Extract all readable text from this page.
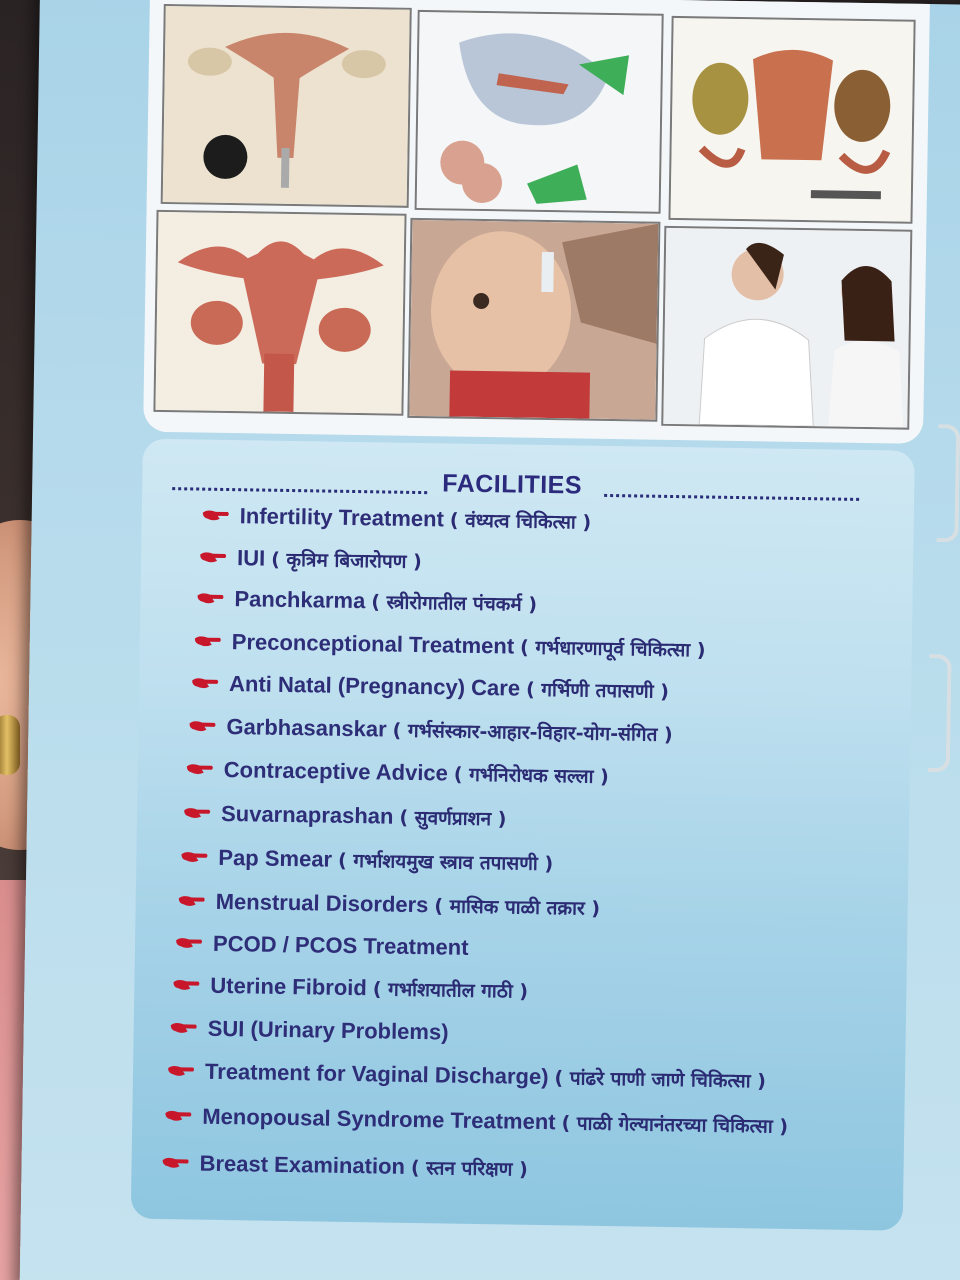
FACILITIES
Infertility Treatment ( वंध्यत्व चिकित्सा )
IUI ( कृत्रिम बिजारोपण )
Panchkarma ( स्त्रीरोगातील पंचकर्म )
Preconceptional Treatment ( गर्भधारणापूर्व चिकित्सा )
Anti Natal (Pregnancy) Care ( गर्भिणी तपासणी )
Garbhasanskar ( गर्भसंस्कार-आहार-विहार-योग-संगित )
Contraceptive Advice ( गर्भनिरोधक सल्ला )
Suvarnaprashan ( सुवर्णप्राशन )
Pap Smear ( गर्भाशयमुख स्त्राव तपासणी )
Menstrual Disorders ( मासिक पाळी तक्रार )
PCOD / PCOS Treatment
Uterine Fibroid ( गर्भाशयातील गाठी )
SUI (Urinary Problems)
Treatment for Vaginal Discharge) ( पांढरे पाणी जाणे चिकित्सा )
Menopousal Syndrome Treatment ( पाळी गेल्यानंतरच्या चिकित्सा )
Breast Examination ( स्तन परिक्षण )
